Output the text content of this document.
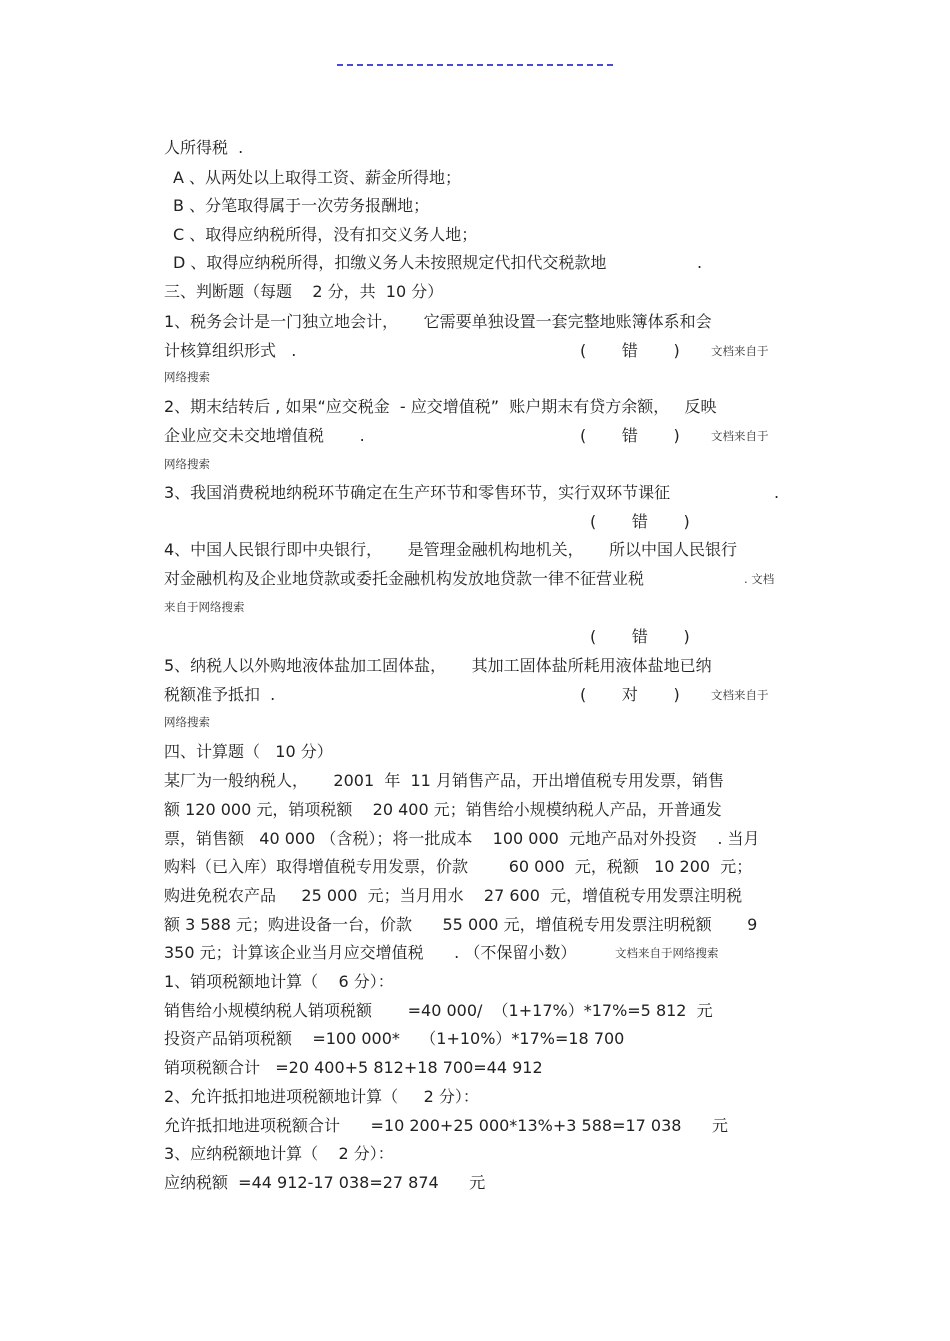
人所得税  .
A 、从两处以上取得工资、薪金所得地；
B 、分笔取得属于一次劳务报酬地；
C 、取得应纳税所得，没有扣交义务人地；
D 、取得应纳税所得，扣缴义务人未按照规定代扣代交税款地	.
三、判断题（每题    2 分，共  10 分）
1、税务会计是一门独立地会计，     它需要单独设置一套完整地账簿体系和会
计核算组织形式   .	(       错       )	文档来自于
网络搜索
2、期末结转后 , 如果“应交税金  - 应交增值税”  账户期末有贷方余额，   反映
企业应交未交地增值税       .	(       错       )	文档来自于
网络搜索
3、我国消费税地纳税环节确定在生产环节和零售环节，实行双环节课征	.
(       错       )
4、中国人民银行即中央银行，     是管理金融机构地机关，     所以中国人民银行
对金融机构及企业地贷款或委托金融机构发放地贷款一律不征营业税	. 文档
来自于网络搜索
(       错       )
5、纳税人以外购地液体盐加工固体盐，     其加工固体盐所耗用液体盐地已纳
税额准予抵扣  .	(       对       )	文档来自于
网络搜索
四、计算题（   10 分）
某厂为一般纳税人，     2001  年  11 月销售产品，开出增值税专用发票，销售
额 120 000 元，销项税额    20 400 元；销售给小规模纳税人产品，开普通发
票，销售额   40 000 （含税）；将一批成本    100 000  元地产品对外投资    . 当月
购料（已入库）取得增值税专用发票，价款        60 000  元，税额   10 200  元；
购进免税农产品     25 000  元；当月用水    27 600  元，增值税专用发票注明税
额 3 588 元；购进设备一台，价款      55 000 元，增值税专用发票注明税额       9
350 元；计算该企业当月应交增值税      . （不保留小数）	文档来自于网络搜索
1、销项税额地计算（    6 分）：
销售给小规模纳税人销项税额       =40 000/  （1+17%）*17%=5 812  元
投资产品销项税额    =100 000*    （1+10%）*17%=18 700
销项税额合计   =20 400+5 812+18 700=44 912
2、允许抵扣地进项税额地计算（     2 分）：
允许抵扣地进项税额合计      =10 200+25 000*13%+3 588=17 038      元
3、应纳税额地计算（    2 分）：
应纳税额  =44 912-17 038=27 874      元
